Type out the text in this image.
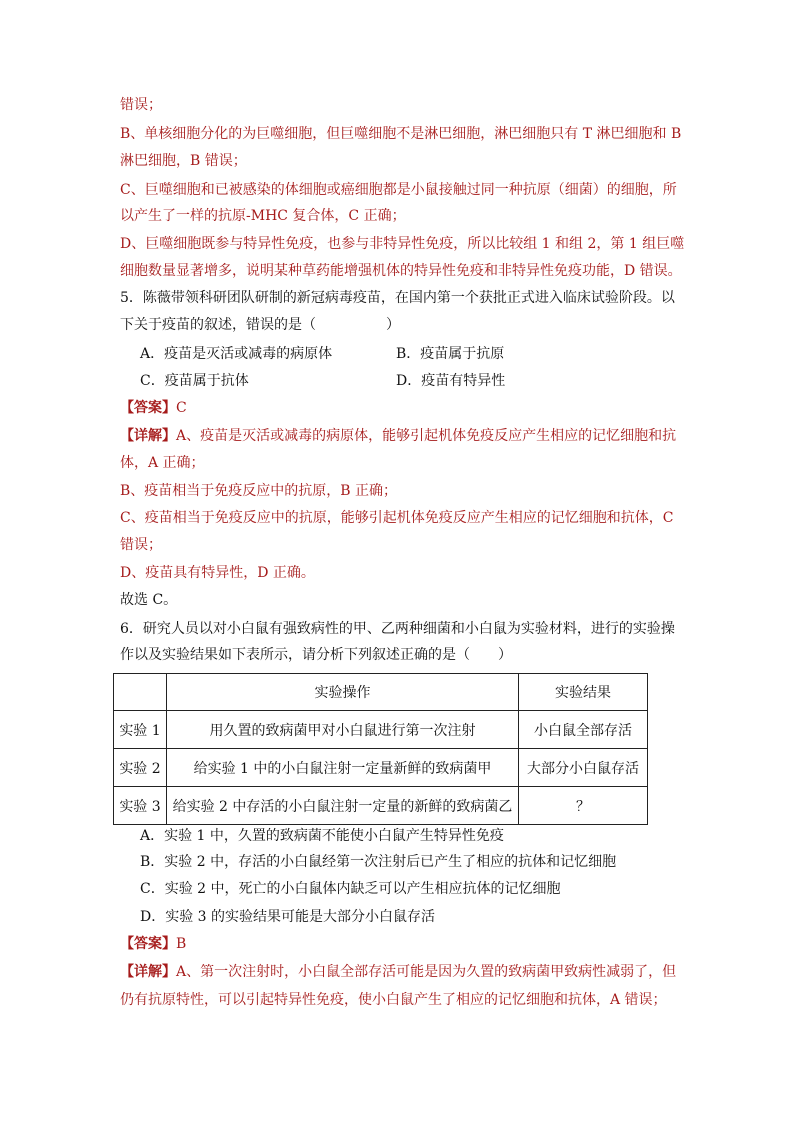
错误；
B、单核细胞分化的为巨噬细胞，但巨噬细胞不是淋巴细胞，淋巴细胞只有 T 淋巴细胞和 B
淋巴细胞，B 错误；
C、巨噬细胞和已被感染的体细胞或癌细胞都是小鼠接触过同一种抗原（细菌）的细胞，所
以产生了一样的抗原-MHC 复合体，C 正确；
D、巨噬细胞既参与特异性免疫，也参与非特异性免疫，所以比较组 1 和组 2，第 1 组巨噬
细胞数量显著增多，说明某种草药能增强机体的特异性免疫和非特异性免疫功能，D 错误。
5．陈薇带领科研团队研制的新冠病毒疫苗，在国内第一个获批正式进入临床试验阶段。以
下关于疫苗的叙述，错误的是（　　　　　）
A．疫苗是灭活或减毒的病原体	B．疫苗属于抗原
C．疫苗属于抗体	D．疫苗有特异性
【答案】C
【详解】A、疫苗是灭活或减毒的病原体，能够引起机体免疫反应产生相应的记忆细胞和抗
体，A 正确；
B、疫苗相当于免疫反应中的抗原，B 正确；
C、疫苗相当于免疫反应中的抗原，能够引起机体免疫反应产生相应的记忆细胞和抗体，C
错误；
D、疫苗具有特异性，D 正确。
故选 C。
6．研究人员以对小白鼠有强致病性的甲、乙两种细菌和小白鼠为实验材料，进行的实验操
作以及实验结果如下表所示，请分析下列叙述正确的是（　　）
	实验操作	实验结果
实验 1	用久置的致病菌甲对小白鼠进行第一次注射	小白鼠全部存活
实验 2	给实验 1 中的小白鼠注射一定量新鲜的致病菌甲	大部分小白鼠存活
实验 3	给实验 2 中存活的小白鼠注射一定量的新鲜的致病菌乙	？
A．实验 1 中，久置的致病菌不能使小白鼠产生特异性免疫
B．实验 2 中，存活的小白鼠经第一次注射后已产生了相应的抗体和记忆细胞
C．实验 2 中，死亡的小白鼠体内缺乏可以产生相应抗体的记忆细胞
D．实验 3 的实验结果可能是大部分小白鼠存活
【答案】B
【详解】A、第一次注射时，小白鼠全部存活可能是因为久置的致病菌甲致病性减弱了，但
仍有抗原特性，可以引起特异性免疫，使小白鼠产生了相应的记忆细胞和抗体，A 错误；
